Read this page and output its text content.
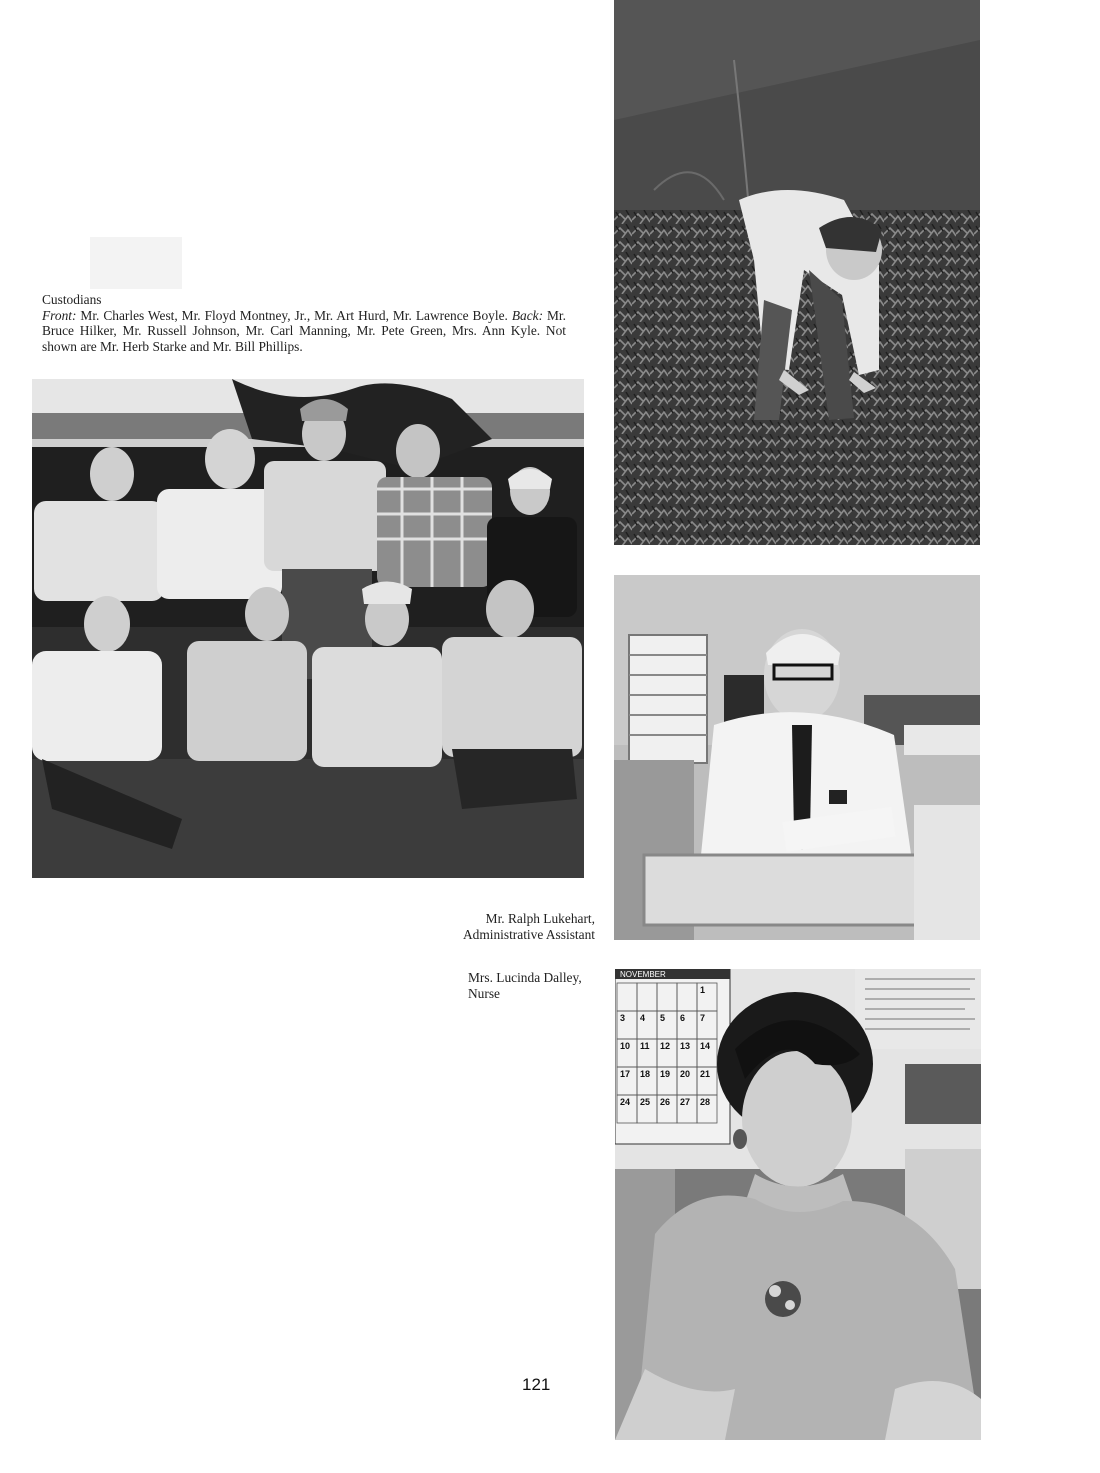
Custodians
Front: Mr. Charles West, Mr. Floyd Montney, Jr., Mr. Art Hurd, Mr. Lawrence Boyle. Back: Mr. Bruce Hilker, Mr. Russell Johnson, Mr. Carl Manning, Mr. Pete Green, Mrs. Ann Kyle. Not shown are Mr. Herb Starke and Mr. Bill Phillips.
NOVEMBER
1
3 4 5 6 7
10 11 12 13 14
17 18 19 20 21
24 25 26 27 28
Mr. Ralph Lukehart,
Administrative Assistant
Mrs. Lucinda Dalley,
Nurse
121
